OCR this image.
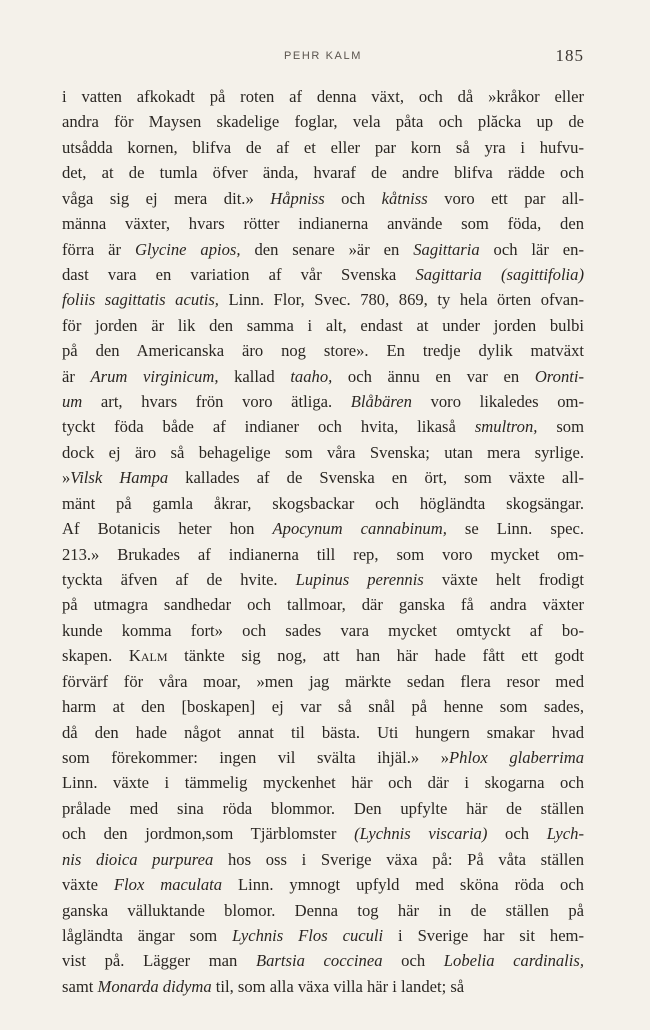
PEHR KALM	185
i vatten afkokadt på roten af denna växt, och då »kråkor eller
andra för Maysen skadelige foglar, vela påta och plăcka up de
utsådda kornen, blifva de af et eller par korn så yra i hufvu-
det, at de tumla öfver ända, hvaraf de andre blifva rädde och
våga sig ej mera dit.» Håpniss och kåtniss voro ett par all-
männa växter, hvars rötter indianerna använde som föda, den
förra är Glycine apios, den senare »är en Sagittaria och lär en-
dast vara en variation af vår Svenska Sagittaria (sagittifolia)
foliis sagittatis acutis, Linn. Flor, Svec. 780, 869, ty hela örten ofvan-
för jorden är lik den samma i alt, endast at under jorden bulbi
på den Americanska äro nog store». En tredje dylik matväxt
är Arum virginicum, kallad taaho, och ännu en var en Oronti-
um art, hvars frön voro ätliga. Blåbären voro likaledes om-
tyckt föda både af indianer och hvita, likaså smultron, som
dock ej äro så behagelige som våra Svenska; utan mera syrlige.
»Vilsk Hampa kallades af de Svenska en ört, som växte all-
mänt på gamla åkrar, skogsbackar och högländta skogsängar.
Af Botanicis heter hon Apocynum cannabinum, se Linn. spec.
213.» Brukades af indianerna till rep, som voro mycket om-
tyckta äfven af de hvite. Lupinus perennis växte helt frodigt
på utmagra sandhedar och tallmoar, där ganska få andra växter
kunde komma fort» och sades vara mycket omtyckt af bo-
skapen. Kalm tänkte sig nog, att han här hade fått ett godt
förvärf för våra moar, »men jag märkte sedan flera resor med
harm at den [boskapen] ej var så snål på henne som sades,
då den hade något annat til bästa. Uti hungern smakar hvad
som förekommer: ingen vil svälta ihjäl.» »Phlox glaberrima
Linn. växte i tämmelig myckenhet här och där i skogarna och
prålade med sina röda blommor. Den upfylte här de ställen
och den jordmon,som Tjärblomster (Lychnis viscaria) och Lych-
nis dioica purpurea hos oss i Sverige växa på: På våta ställen
växte Flox maculata Linn. ymnogt upfyld med sköna röda och
ganska välluktande blomor. Denna tog här in de ställen på
lågländta ängar som Lychnis Flos cuculi i Sverige har sit hem-
vist på. Lägger man Bartsia coccinea och Lobelia cardinalis,
samt Monarda didyma til, som alla växa villa här i landet; så
